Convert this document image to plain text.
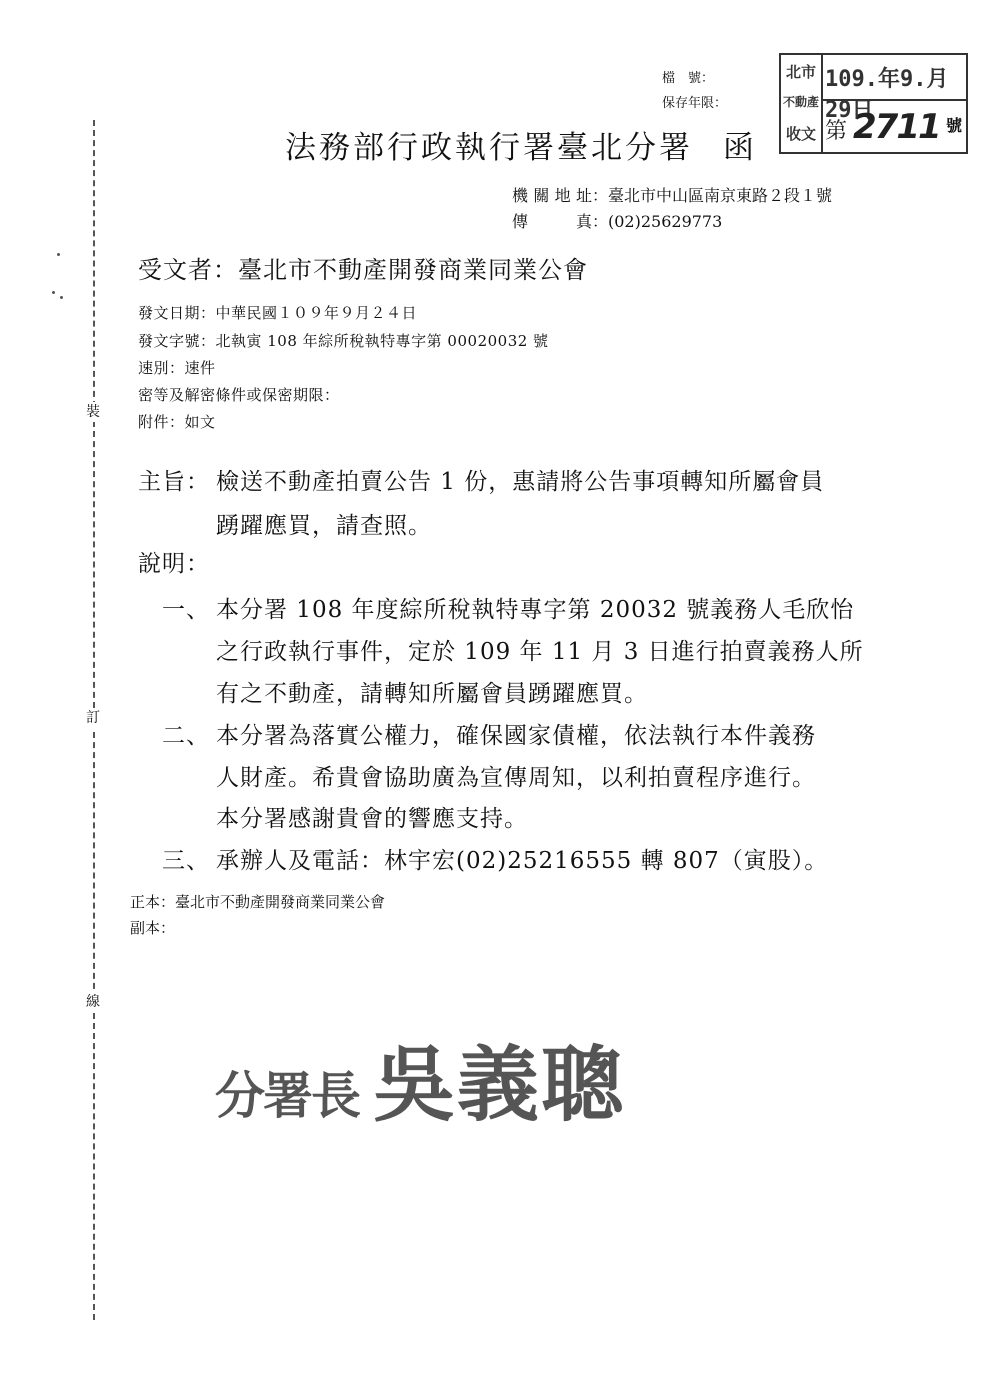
裝
訂
線
檔　號：
保存年限：
北市
不動產
收文
109.年9.月29日
第 2711 號
法務部行政執行署臺北分署 函
機關地址：臺北市中山區南京東路２段１號
傳　　真：(02)25629773
受文者：臺北市不動產開發商業同業公會
發文日期：中華民國１０９年９月２４日
發文字號：北執寅 108 年綜所稅執特專字第 00020032 號
速別：速件
密等及解密條件或保密期限：
附件：如文
主旨： 檢送不動產拍賣公告 1 份，惠請將公告事項轉知所屬會員
踴躍應買，請查照。
說明：
一、 本分署 108 年度綜所稅執特專字第 20032 號義務人毛欣怡
之行政執行事件，定於 109 年 11 月 3 日進行拍賣義務人所
有之不動產，請轉知所屬會員踴躍應買。
二、 本分署為落實公權力，確保國家債權，依法執行本件義務
人財產。希貴會協助廣為宣傳周知，以利拍賣程序進行。
本分署感謝貴會的響應支持。
三、 承辦人及電話：林宇宏(02)25216555 轉 807（寅股）。
正本：臺北市不動產開發商業同業公會
副本：
分署長 吳義聰
